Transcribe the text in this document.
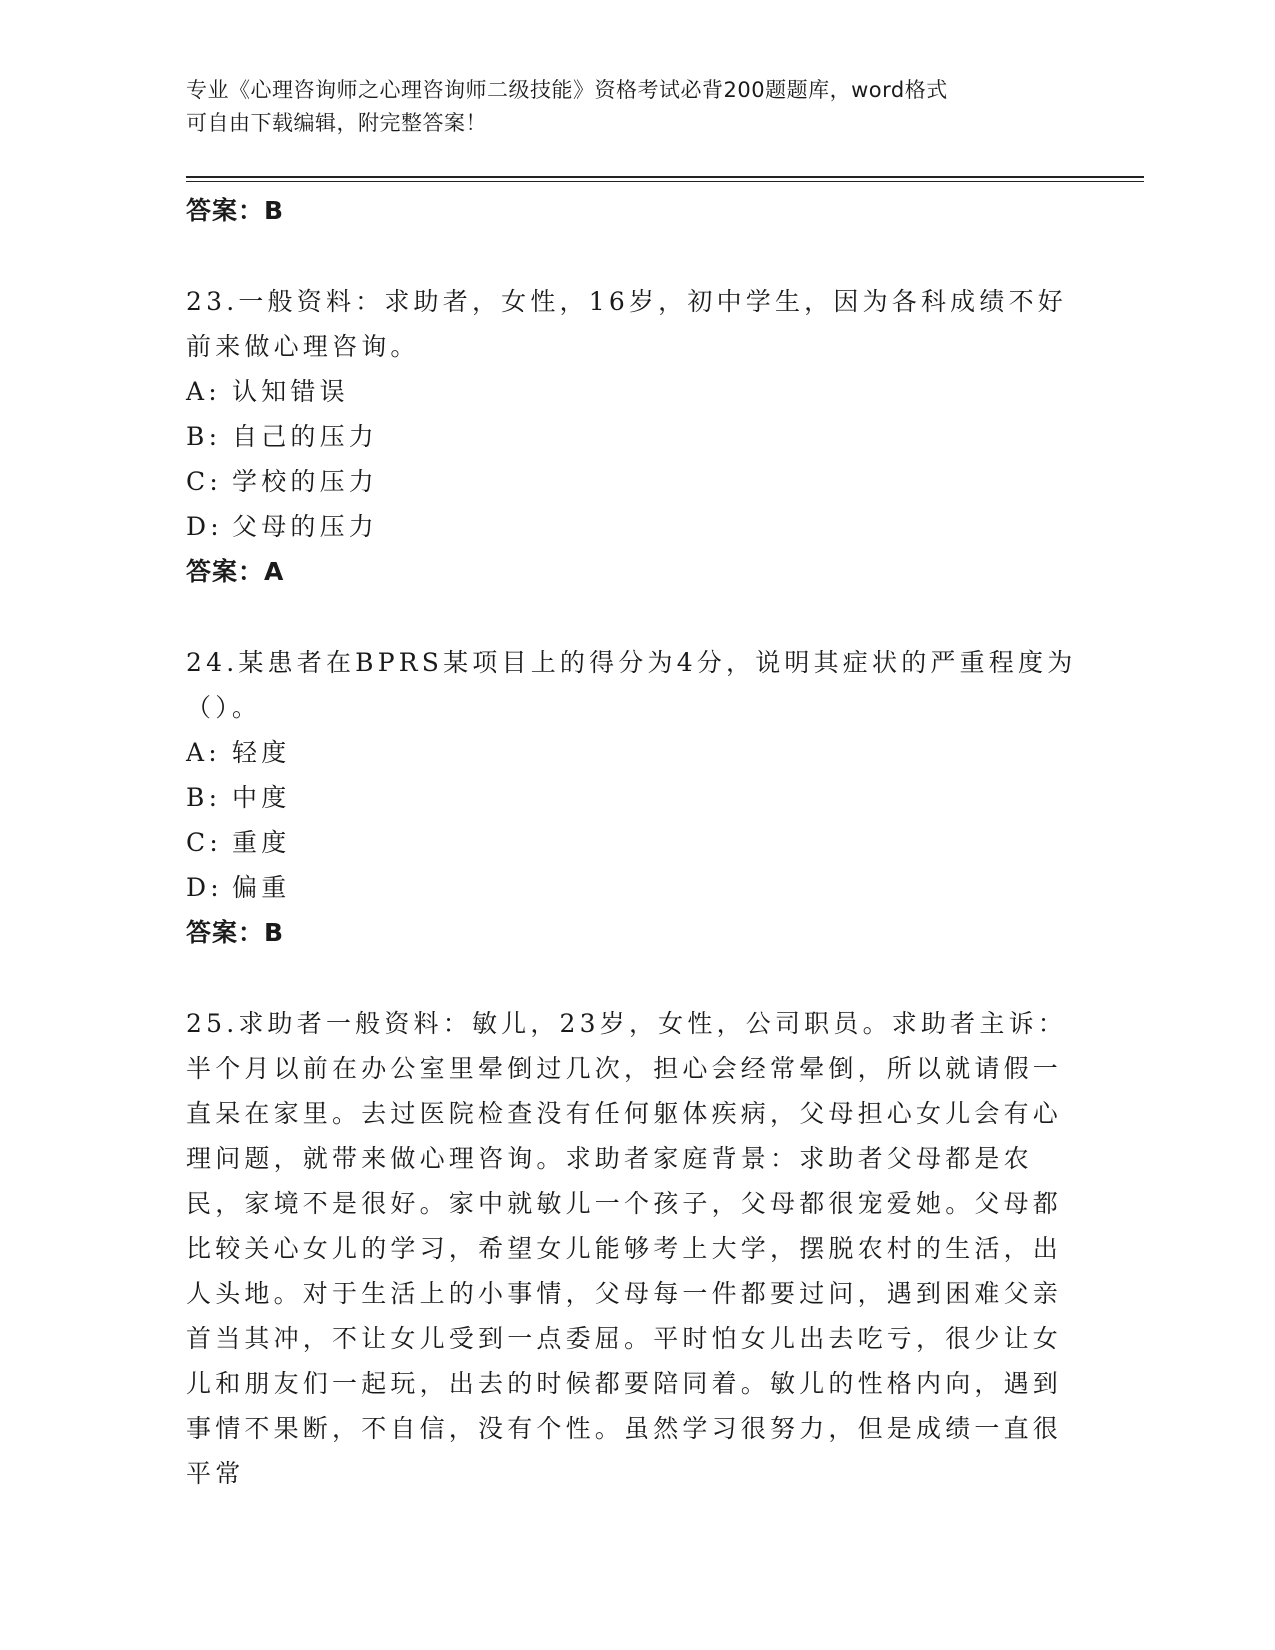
专业《心理咨询师之心理咨询师二级技能》资格考试必背200题题库，word格式
可自由下载编辑，附完整答案！
答案：B

23.一般资料：求助者，女性，16岁，初中学生，因为各科成绩不好前来做心理咨询。

A: 认知错误
B: 自己的压力
C: 学校的压力
D: 父母的压力
答案：A

24.某患者在BPRS某项目上的得分为4分，说明其症状的严重程度为（）。

A: 轻度
B: 中度
C: 重度
D: 偏重
答案：B

25.求助者一般资料：敏儿，23岁，女性，公司职员。求助者主诉：半个月以前在办公室里晕倒过几次，担心会经常晕倒，所以就请假一直呆在家里。去过医院检查没有任何躯体疾病，父母担心女儿会有心理问题，就带来做心理咨询。求助者家庭背景：求助者父母都是农民，家境不是很好。家中就敏儿一个孩子，父母都很宠爱她。父母都比较关心女儿的学习，希望女儿能够考上大学，摆脱农村的生活，出人头地。对于生活上的小事情，父母每一件都要过问，遇到困难父亲首当其冲，不让女儿受到一点委屈。平时怕女儿出去吃亏，很少让女儿和朋友们一起玩，出去的时候都要陪同着。敏儿的性格内向，遇到事情不果断，不自信，没有个性。虽然学习很努力，但是成绩一直很平常
